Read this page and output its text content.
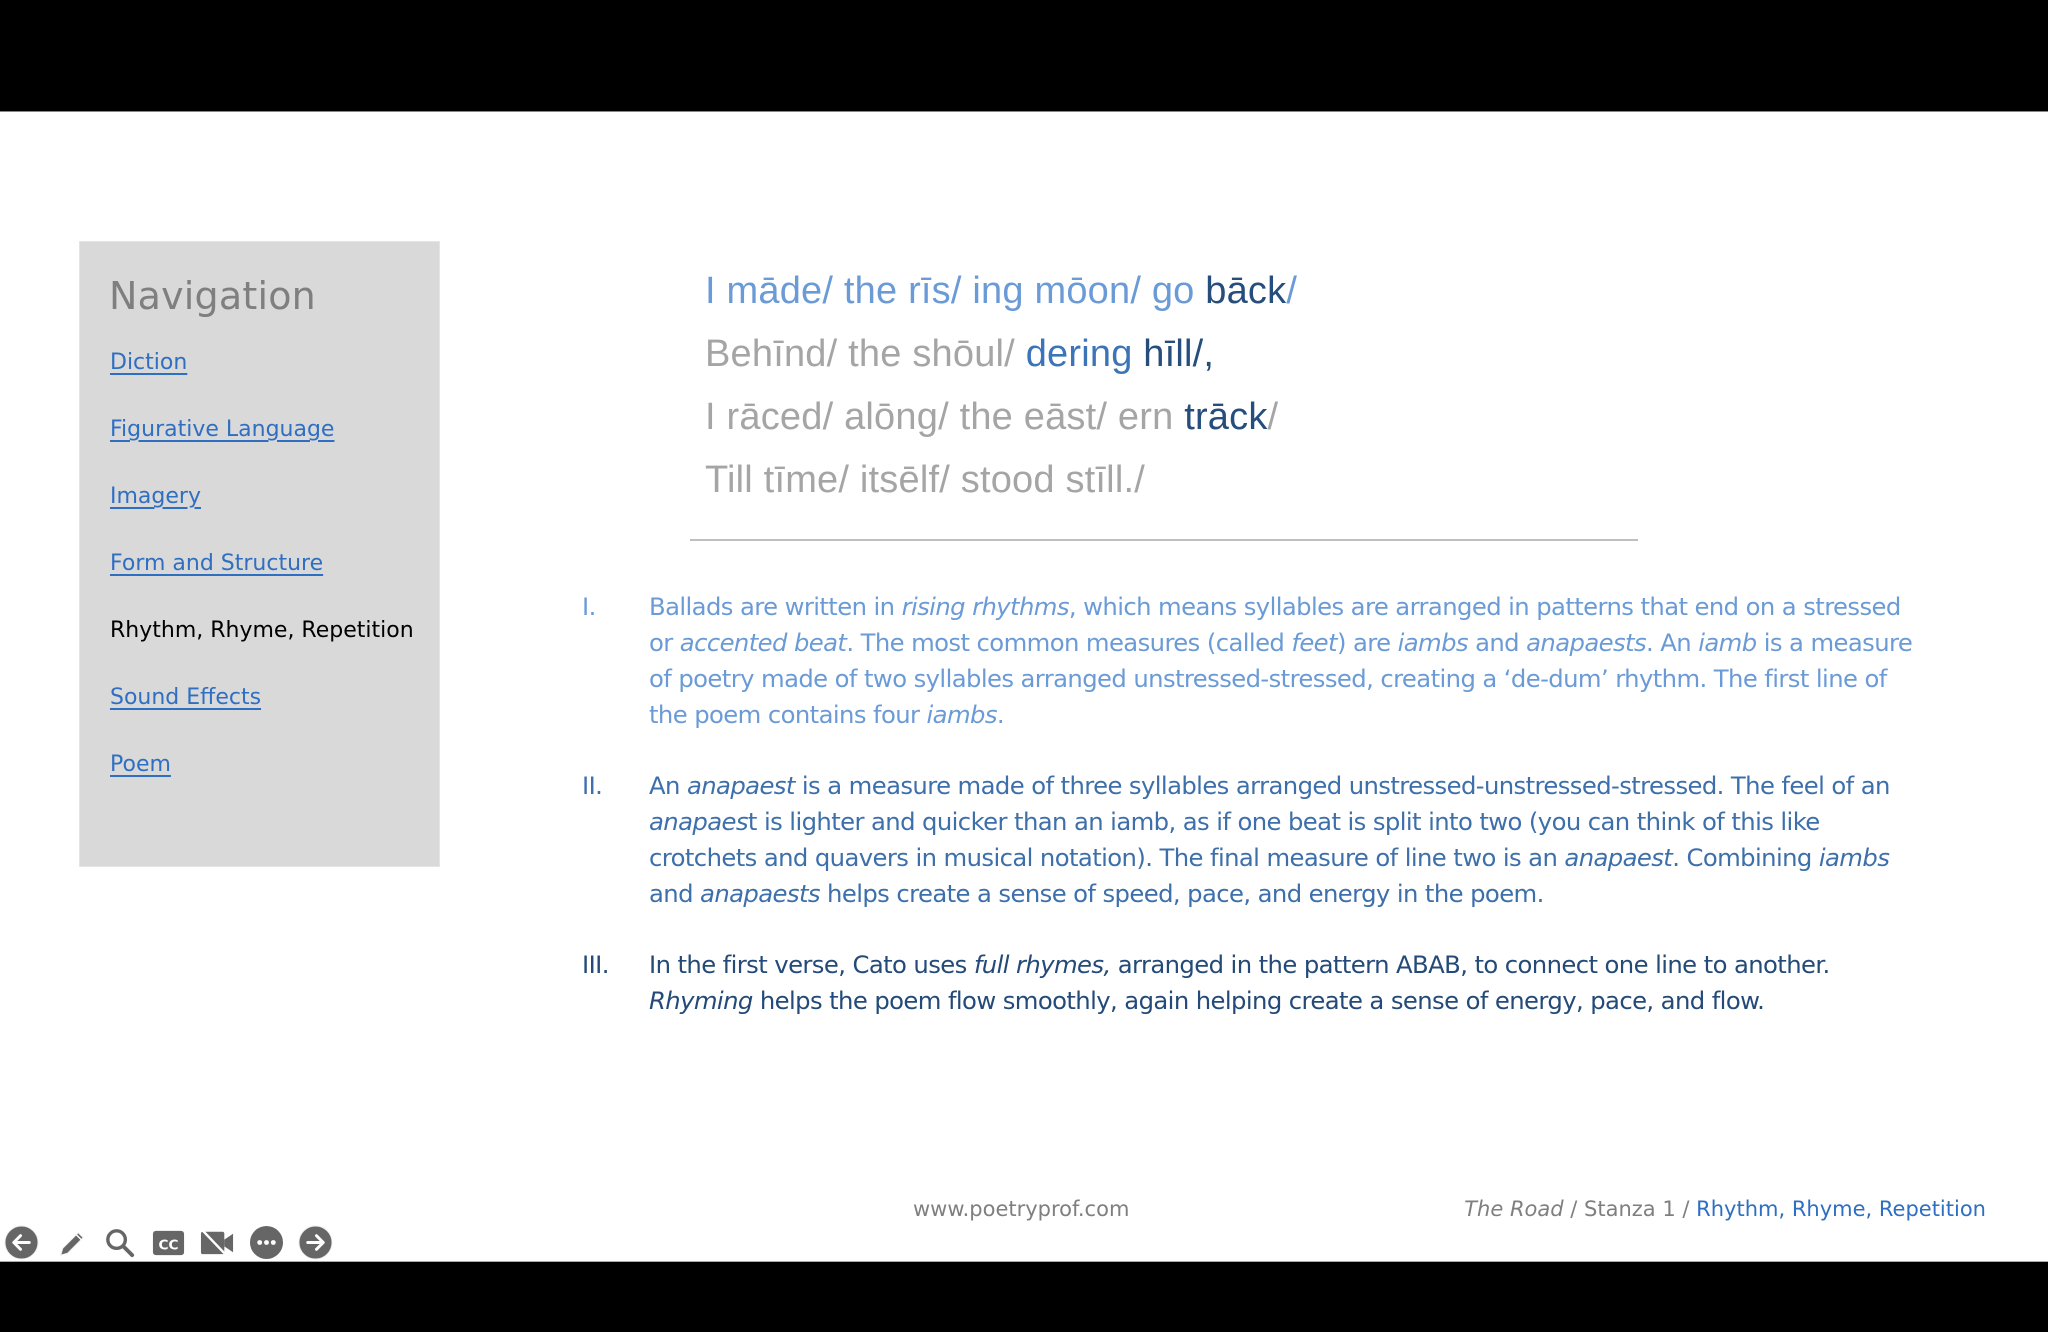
Navigation
Diction
Figurative Language
Imagery
Form and Structure
Rhythm, Rhyme, Repetition
Sound Effects
Poem
I māde/ the rīs/ ing mōon/ go bāck/
Behīnd/ the shōul/ dering hīll/,
I rāced/ alōng/ the eāst/ ern trāck/
Till tīme/ itsēlf/ stood stīll./
I. Ballads are written in rising rhythms, which means syllables are arranged in patterns that end on a stressed or accented beat. The most common measures (called feet) are iambs and anapaests. An iamb is a measure of poetry made of two syllables arranged unstressed-stressed, creating a ‘de-dum’ rhythm. The first line of the poem contains four iambs.
II. An anapaest is a measure made of three syllables arranged unstressed-unstressed-stressed. The feel of an anapaest is lighter and quicker than an iamb, as if one beat is split into two (you can think of this like crotchets and quavers in musical notation). The final measure of line two is an anapaest. Combining iambs and anapaests helps create a sense of speed, pace, and energy in the poem.
III. In the first verse, Cato uses full rhymes, arranged in the pattern ABAB, to connect one line to another. Rhyming helps the poem flow smoothly, again helping create a sense of energy, pace, and flow.
www.poetryprof.com	The Road / Stanza 1 / Rhythm, Rhyme, Repetition
CC
